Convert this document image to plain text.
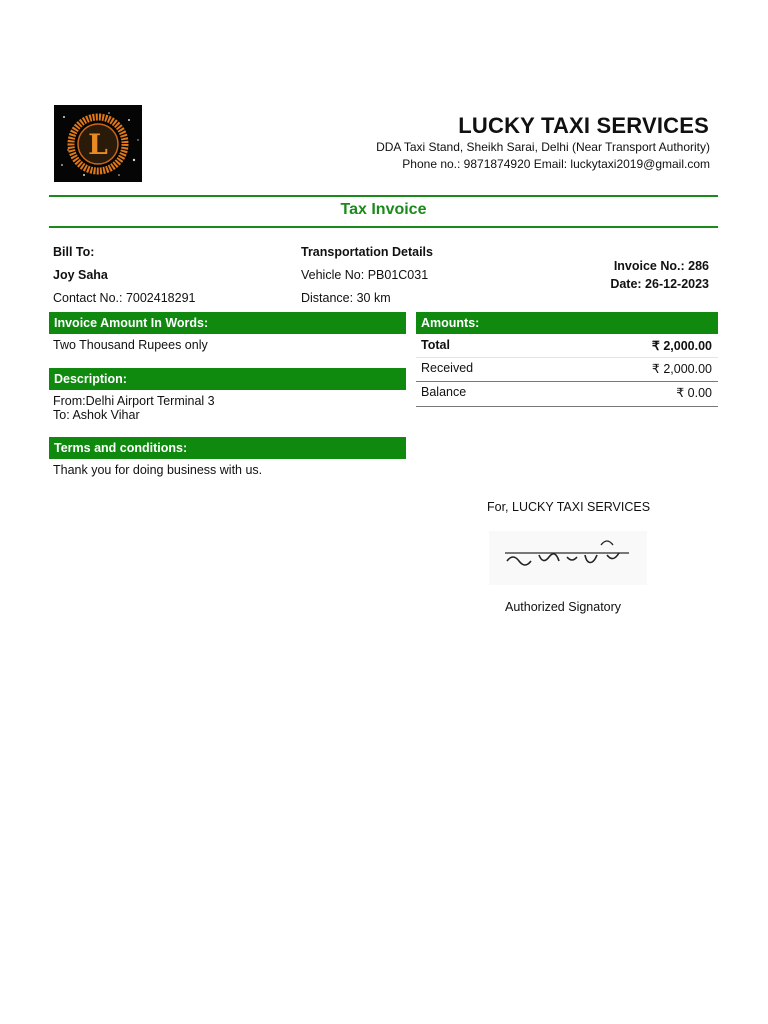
L
LUCKY TAXI SERVICES
DDA Taxi Stand, Sheikh Sarai, Delhi (Near Transport Authority)
Phone no.: 9871874920 Email: luckytaxi2019@gmail.com
Tax Invoice
Bill To:
Joy Saha
Contact No.: 7002418291
Transportation Details
Vehicle No: PB01C031
Distance: 30 km
Invoice No.: 286
Date: 26-12-2023
Invoice Amount In Words:
Two Thousand Rupees only
Description:
From:Delhi Airport Terminal 3
To: Ashok Vihar
Terms and conditions:
Thank you for doing business with us.
Amounts:
Total	₹ 2,000.00
Received	₹ 2,000.00
Balance	₹ 0.00
For, LUCKY TAXI SERVICES
Authorized Signatory
